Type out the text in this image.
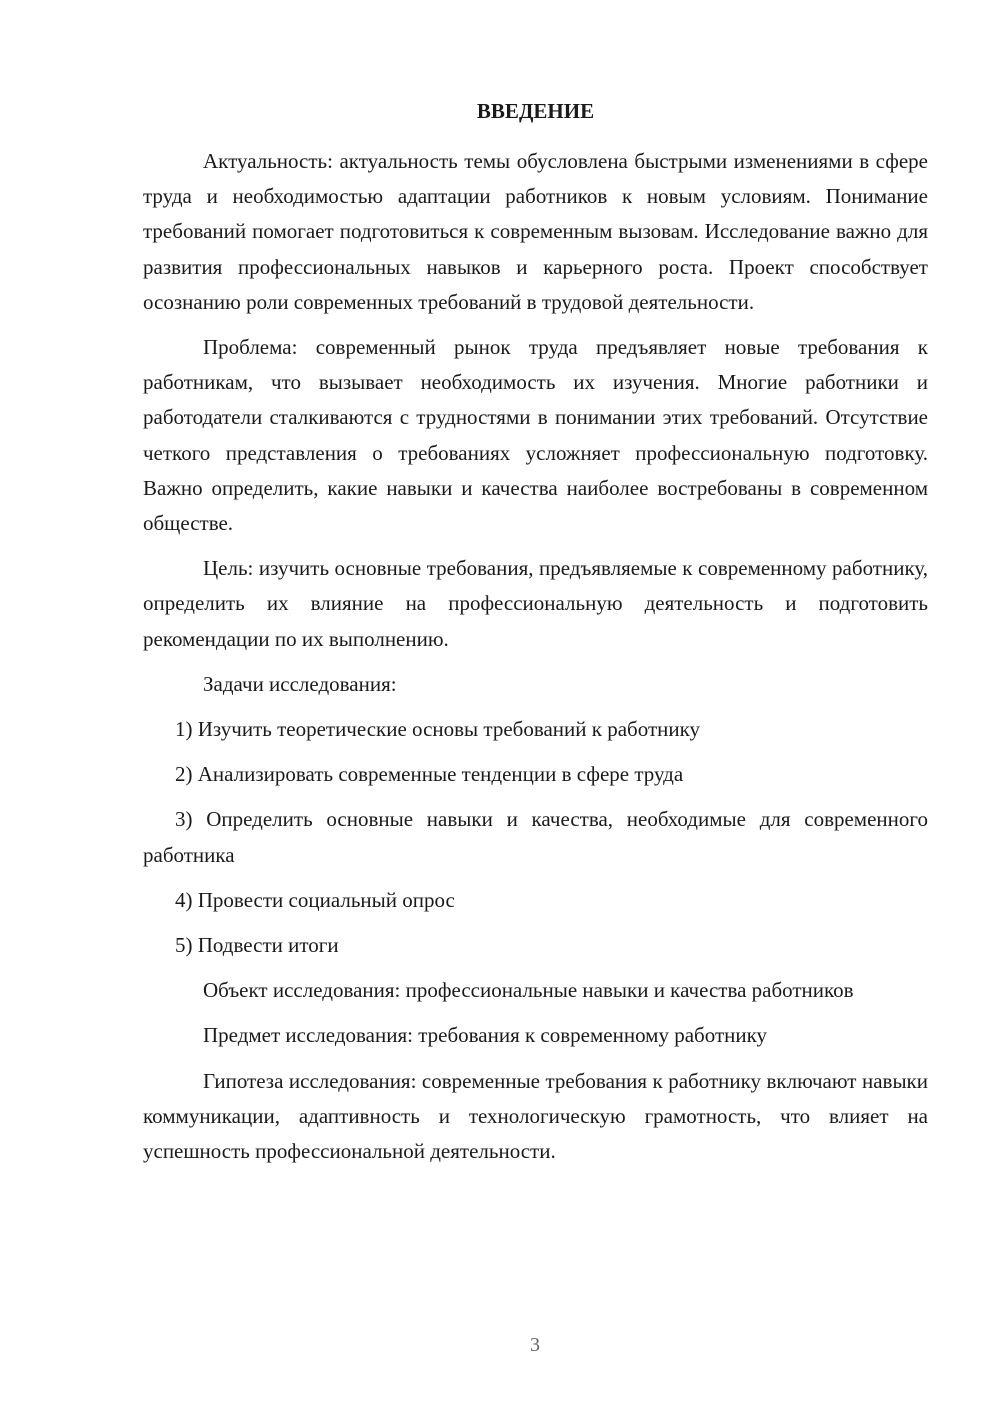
ВВЕДЕНИЕ

Актуальность: актуальность темы обусловлена быстрыми изменениями в сфере труда и необходимостью адаптации работников к новым условиям. Понимание требований помогает подготовиться к современным вызовам. Исследование важно для развития профессиональных навыков и карьерного роста. Проект способствует осознанию роли современных требований в трудовой деятельности.

Проблема: современный рынок труда предъявляет новые требования к работникам, что вызывает необходимость их изучения. Многие работники и работодатели сталкиваются с трудностями в понимании этих требований. Отсутствие четкого представления о требованиях усложняет профессиональную подготовку. Важно определить, какие навыки и качества наиболее востребованы в современном обществе.

Цель: изучить основные требования, предъявляемые к современному работнику, определить их влияние на профессиональную деятельность и подготовить рекомендации по их выполнению.

Задачи исследования:

1) Изучить теоретические основы требований к работнику

2) Анализировать современные тенденции в сфере труда

3) Определить основные навыки и качества, необходимые для современного работника

4) Провести социальный опрос

5) Подвести итоги

Объект исследования: профессиональные навыки и качества работников

Предмет исследования: требования к современному работнику

Гипотеза исследования: современные требования к работнику включают навыки коммуникации, адаптивность и технологическую грамотность, что влияет на успешность профессиональной деятельности.

3
